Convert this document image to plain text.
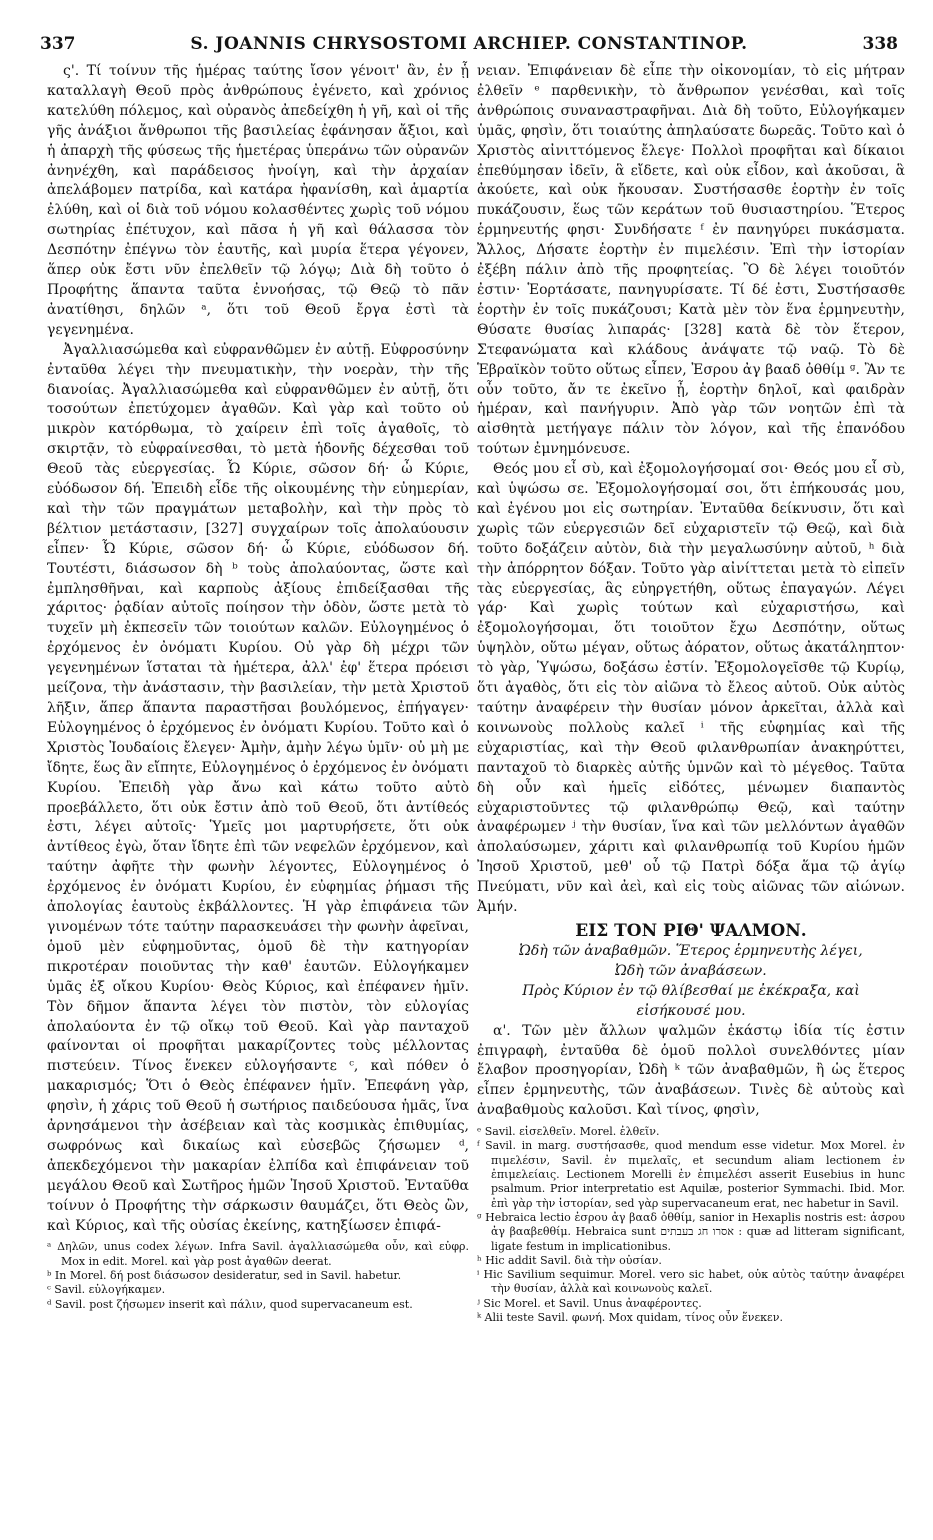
337	S. JOANNIS CHRYSOSTOMI ARCHIEP. CONSTANTINOP.	338

ς'. Τί τοίνυν τῆς ἡμέρας ταύτης ἴσον γένοιτ' ἂν, ἐν ᾗ καταλλαγὴ Θεοῦ πρὸς ἀνθρώπους ἐγένετο, καὶ χρόνιος κατελύθη πόλεμος, καὶ οὐρανὸς ἀπεδείχθη ἡ γῆ, καὶ οἱ τῆς γῆς ἀνάξιοι ἄνθρωποι τῆς βασιλείας ἐφάνησαν ἄξιοι, καὶ ἡ ἀπαρχὴ τῆς φύσεως τῆς ἡμετέρας ὑπεράνω τῶν οὐρανῶν ἀνηνέχθη, καὶ παράδεισος ἠνοίγη, καὶ τὴν ἀρχαίαν ἀπελάβομεν πατρίδα, καὶ κατάρα ἠφανίσθη, καὶ ἁμαρτία ἐλύθη, καὶ οἱ διὰ τοῦ νόμου κολασθέντες χωρὶς τοῦ νόμου σωτηρίας ἐπέτυχον, καὶ πᾶσα ἡ γῆ καὶ θάλασσα τὸν Δεσπότην ἐπέγνω τὸν ἑαυτῆς, καὶ μυρία ἕτερα γέγονεν, ἅπερ οὐκ ἔστι νῦν ἐπελθεῖν τῷ λόγῳ; Διὰ δὴ τοῦτο ὁ Προφήτης ἅπαντα ταῦτα ἐννοήσας, τῷ Θεῷ τὸ πᾶν ἀνατίθησι, δηλῶν ᵃ, ὅτι τοῦ Θεοῦ ἔργα ἐστὶ τὰ γεγενημένα.

Ἀγαλλιασώμεθα καὶ εὐφρανθῶμεν ἐν αὐτῇ. Εὐφροσύνην ἐνταῦθα λέγει τὴν πνευματικὴν, τὴν νοερὰν, τὴν τῆς διανοίας. Ἀγαλλιασώμεθα καὶ εὐφρανθῶμεν ἐν αὐτῇ, ὅτι τοσούτων ἐπετύχομεν ἀγαθῶν. Καὶ γὰρ καὶ τοῦτο οὐ μικρὸν κατόρθωμα, τὸ χαίρειν ἐπὶ τοῖς ἀγαθοῖς, τὸ σκιρτᾷν, τὸ εὐφραίνεσθαι, τὸ μετὰ ἡδονῆς δέχεσθαι τοῦ Θεοῦ τὰς εὐεργεσίας. Ὦ Κύριε, σῶσον δή· ὦ Κύριε, εὐόδωσον δή. Ἐπειδὴ εἶδε τῆς οἰκουμένης τὴν εὐημερίαν, καὶ τὴν τῶν πραγμάτων μεταβολὴν, καὶ τὴν πρὸς τὸ βέλτιον μετάστασιν, [327] συγχαίρων τοῖς ἀπολαύουσιν εἶπεν· Ὦ Κύριε, σῶσον δή· ὦ Κύριε, εὐόδωσον δή. Τουτέστι, διάσωσον δὴ ᵇ τοὺς ἀπολαύοντας, ὥστε καὶ ἐμπλησθῆναι, καὶ καρποὺς ἀξίους ἐπιδείξασθαι τῆς χάριτος· ῥᾳδίαν αὐτοῖς ποίησον τὴν ὁδὸν, ὥστε μετὰ τὸ τυχεῖν μὴ ἐκπεσεῖν τῶν τοιούτων καλῶν. Εὐλογημένος ὁ ἐρχόμενος ἐν ὀνόματι Κυρίου. Οὐ γὰρ δὴ μέχρι τῶν γεγενημένων ἵσταται τὰ ἡμέτερα, ἀλλ' ἐφ' ἕτερα πρόεισι μείζονα, τὴν ἀνάστασιν, τὴν βασιλείαν, τὴν μετὰ Χριστοῦ λῆξιν, ἅπερ ἅπαντα παραστῆσαι βουλόμενος, ἐπήγαγεν· Εὐλογημένος ὁ ἐρχόμενος ἐν ὀνόματι Κυρίου. Τοῦτο καὶ ὁ Χριστὸς Ἰουδαίοις ἔλεγεν· Ἀμὴν, ἀμὴν λέγω ὑμῖν· οὐ μὴ με ἴδητε, ἕως ἂν εἴπητε, Εὐλογημένος ὁ ἐρχόμενος ἐν ὀνόματι Κυρίου. Ἐπειδὴ γὰρ ἄνω καὶ κάτω τοῦτο αὐτὸ προεβάλλετο, ὅτι οὐκ ἔστιν ἀπὸ τοῦ Θεοῦ, ὅτι ἀντίθεός ἐστι, λέγει αὐτοῖς· Ὑμεῖς μοι μαρτυρήσετε, ὅτι οὐκ ἀντίθεος ἐγὼ, ὅταν ἴδητε ἐπὶ τῶν νεφελῶν ἐρχόμενον, καὶ ταύτην ἀφῆτε τὴν φωνὴν λέγοντες, Εὐλογημένος ὁ ἐρχόμενος ἐν ὀνόματι Κυρίου, ἐν εὐφημίας ῥήμασι τῆς ἀπολογίας ἑαυτοὺς ἐκβάλλοντες. Ἡ γὰρ ἐπιφάνεια τῶν γινομένων τότε ταύτην παρασκευάσει τὴν φωνὴν ἀφεῖναι, ὁμοῦ μὲν εὐφημοῦντας, ὁμοῦ δὲ τὴν κατηγορίαν πικροτέραν ποιοῦντας τὴν καθ' ἑαυτῶν. Εὐλογήκαμεν ὑμᾶς ἐξ οἴκου Κυρίου· Θεὸς Κύριος, καὶ ἐπέφανεν ἡμῖν. Τὸν δῆμον ἅπαντα λέγει τὸν πιστὸν, τὸν εὐλογίας ἀπολαύοντα ἐν τῷ οἴκῳ τοῦ Θεοῦ. Καὶ γὰρ πανταχοῦ φαίνονται οἱ προφῆται μακαρίζοντες τοὺς μέλλοντας πιστεύειν. Τίνος ἕνεκεν εὐλογήσαντε ᶜ, καὶ πόθεν ὁ μακαρισμός; Ὅτι ὁ Θεὸς ἐπέφανεν ἡμῖν. Ἐπεφάνη γὰρ, φησὶν, ἡ χάρις τοῦ Θεοῦ ἡ σωτήριος παιδεύουσα ἡμᾶς, ἵνα ἀρνησάμενοι τὴν ἀσέβειαν καὶ τὰς κοσμικὰς ἐπιθυμίας, σωφρόνως καὶ δικαίως καὶ εὐσεβῶς ζήσωμεν ᵈ, ἀπεκδεχόμενοι τὴν μακαρίαν ἐλπίδα καὶ ἐπιφάνειαν τοῦ μεγάλου Θεοῦ καὶ Σωτῆρος ἡμῶν Ἰησοῦ Χριστοῦ. Ἐνταῦθα τοίνυν ὁ Προφήτης τὴν σάρκωσιν θαυμάζει, ὅτι Θεὸς ὢν, καὶ Κύριος, καὶ τῆς οὐσίας ἐκείνης, κατηξίωσεν ἐπιφά-

ᵃ Δηλῶν, unus codex λέγων. Infra Savil. ἀγαλλιασώμεθα οὖν, καὶ εὐφρ. Mox in edit. Morel. καὶ γὰρ post ἀγαθῶν deerat.

ᵇ In Morel. δή post διάσωσον desideratur, sed in Savil. habetur.

ᶜ Savil. εὐλογήκαμεν.

ᵈ Savil. post ζήσωμεν inserit καὶ πάλιν, quod supervacaneum est.

νειαν. Ἐπιφάνειαν δὲ εἶπε τὴν οἰκονομίαν, τὸ εἰς μήτραν ἐλθεῖν ᵉ παρθενικὴν, τὸ ἄνθρωπον γενέσθαι, καὶ τοῖς ἀνθρώποις συναναστραφῆναι. Διὰ δὴ τοῦτο, Εὐλογήκαμεν ὑμᾶς, φησὶν, ὅτι τοιαύτης ἀπηλαύσατε δωρεᾶς. Τοῦτο καὶ ὁ Χριστὸς αἰνιττόμενος ἔλεγε· Πολλοὶ προφῆται καὶ δίκαιοι ἐπεθύμησαν ἰδεῖν, ἃ εἴδετε, καὶ οὐκ εἶδον, καὶ ἀκοῦσαι, ἃ ἀκούετε, καὶ οὐκ ἤκουσαν. Συστήσασθε ἑορτὴν ἐν τοῖς πυκάζουσιν, ἕως τῶν κεράτων τοῦ θυσιαστηρίου. Ἕτερος ἑρμηνευτής φησι· Συνδήσατε ᶠ ἐν πανηγύρει πυκάσματα. Ἄλλος, Δήσατε ἑορτὴν ἐν πιμελέσιν. Ἐπὶ τὴν ἱστορίαν ἐξέβη πάλιν ἀπὸ τῆς προφητείας. Ὃ δὲ λέγει τοιοῦτόν ἐστιν· Ἑορτάσατε, πανηγυρίσατε. Τί δέ ἐστι, Συστήσασθε ἑορτὴν ἐν τοῖς πυκάζουσι; Κατὰ μὲν τὸν ἕνα ἑρμηνευτὴν, Θύσατε θυσίας λιπαράς· [328] κατὰ δὲ τὸν ἕτερον, Στεφανώματα καὶ κλάδους ἀνάψατε τῷ ναῷ. Τὸ δὲ Ἑβραϊκὸν τοῦτο οὕτως εἶπεν, Ἐσρου ἀγ βααδ ὀθθίμ ᵍ. Ἂν τε οὖν τοῦτο, ἄν τε ἐκεῖνο ᾖ, ἑορτὴν δηλοῖ, καὶ φαιδρὰν ἡμέραν, καὶ πανήγυριν. Ἀπὸ γὰρ τῶν νοητῶν ἐπὶ τὰ αἰσθητὰ μετήγαγε πάλιν τὸν λόγον, καὶ τῆς ἐπανόδου τούτων ἐμνημόνευσε.

Θεός μου εἶ σὺ, καὶ ἐξομολογήσομαί σοι· Θεός μου εἶ σὺ, καὶ ὑψώσω σε. Ἐξομολογήσομαί σοι, ὅτι ἐπήκουσάς μου, καὶ ἐγένου μοι εἰς σωτηρίαν. Ἐνταῦθα δείκνυσιν, ὅτι καὶ χωρὶς τῶν εὐεργεσιῶν δεῖ εὐχαριστεῖν τῷ Θεῷ, καὶ διὰ τοῦτο δοξάζειν αὐτὸν, διὰ τὴν μεγαλωσύνην αὐτοῦ, ʰ διὰ τὴν ἀπόρρητον δόξαν. Τοῦτο γὰρ αἰνίττεται μετὰ τὸ εἰπεῖν τὰς εὐεργεσίας, ἃς εὐηργετήθη, οὕτως ἐπαγαγών. Λέγει γάρ· Καὶ χωρὶς τούτων καὶ εὐχαριστήσω, καὶ ἐξομολογήσομαι, ὅτι τοιοῦτον ἔχω Δεσπότην, οὕτως ὑψηλὸν, οὕτω μέγαν, οὕτως ἀόρατον, οὕτως ἀκατάληπτον· τὸ γὰρ, Ὑψώσω, δοξάσω ἐστίν. Ἐξομολογεῖσθε τῷ Κυρίῳ, ὅτι ἀγαθὸς, ὅτι εἰς τὸν αἰῶνα τὸ ἔλεος αὐτοῦ. Οὐκ αὐτὸς ταύτην ἀναφέρειν τὴν θυσίαν μόνον ἀρκεῖται, ἀλλὰ καὶ κοινωνοὺς πολλοὺς καλεῖ ⁱ τῆς εὐφημίας καὶ τῆς εὐχαριστίας, καὶ τὴν Θεοῦ φιλανθρωπίαν ἀνακηρύττει, πανταχοῦ τὸ διαρκὲς αὐτῆς ὑμνῶν καὶ τὸ μέγεθος. Ταῦτα δὴ οὖν καὶ ἡμεῖς εἰδότες, μένωμεν διαπαντὸς εὐχαριστοῦντες τῷ φιλανθρώπῳ Θεῷ, καὶ ταύτην ἀναφέρωμεν ʲ τὴν θυσίαν, ἵνα καὶ τῶν μελλόντων ἀγαθῶν ἀπολαύσωμεν, χάριτι καὶ φιλανθρωπίᾳ τοῦ Κυρίου ἡμῶν Ἰησοῦ Χριστοῦ, μεθ' οὗ τῷ Πατρὶ δόξα ἅμα τῷ ἁγίῳ Πνεύματι, νῦν καὶ ἀεὶ, καὶ εἰς τοὺς αἰῶνας τῶν αἰώνων. Ἀμήν.

ΕΙΣ ΤΟΝ ΡΙΘ' ΨΑΛΜΟΝ.

Ὠδὴ τῶν ἀναβαθμῶν. Ἕτερος ἑρμηνευτὴς λέγει,

Ὠδὴ τῶν ἀναβάσεων.

Πρὸς Κύριον ἐν τῷ θλίβεσθαί με ἐκέκραξα, καὶ

εἰσήκουσέ μου.

α'. Τῶν μὲν ἄλλων ψαλμῶν ἑκάστῳ ἰδία τίς ἐστιν ἐπιγραφὴ, ἐνταῦθα δὲ ὁμοῦ πολλοὶ συνελθόντες μίαν ἔλαβον προσηγορίαν, Ὠδὴ ᵏ τῶν ἀναβαθμῶν, ἢ ὡς ἕτερος εἶπεν ἑρμηνευτὴς, τῶν ἀναβάσεων. Τινὲς δὲ αὐτοὺς καὶ ἀναβαθμοὺς καλοῦσι. Καὶ τίνος, φησὶν,

ᵉ Savil. εἰσελθεῖν. Morel. ἐλθεῖν.

ᶠ Savil. in marg. συστήσασθε, quod mendum esse videtur. Mox Morel. ἐν πιμελέσιν, Savil. ἐν πιμελαῖς, et secundum aliam lectionem ἐν ἐπιμελείαις. Lectionem Morelli ἐν ἐπιμελέσι asserit Eusebius in hunc psalmum. Prior interpretatio est Aquilæ, posterior Symmachi. Ibid. Mor. ἐπὶ γὰρ τὴν ἱστορίαν, sed γὰρ supervacaneum erat, nec habetur in Savil.

ᵍ Hebraica lectio ἐσρου ἀγ βααδ ὀθθίμ, sanior in Hexaplis nostris est: ἀσρου ἀγ βααβεθθίμ. Hebraica sunt אסרו חג בעבתים : quæ ad litteram significant, ligate festum in implicationibus.

ʰ Hic addit Savil. διὰ τὴν οὐσίαν.

ⁱ Hic Savilium sequimur. Morel. vero sic habet, οὐκ αὐτὸς ταύτην ἀναφέρει τὴν θυσίαν, ἀλλὰ καὶ κοινωνοὺς καλεῖ.

ʲ Sic Morel. et Savil. Unus ἀναφέροντες.

ᵏ Alii teste Savil. φωνή. Mox quidam, τίνος οὖν ἕνεκεν.
